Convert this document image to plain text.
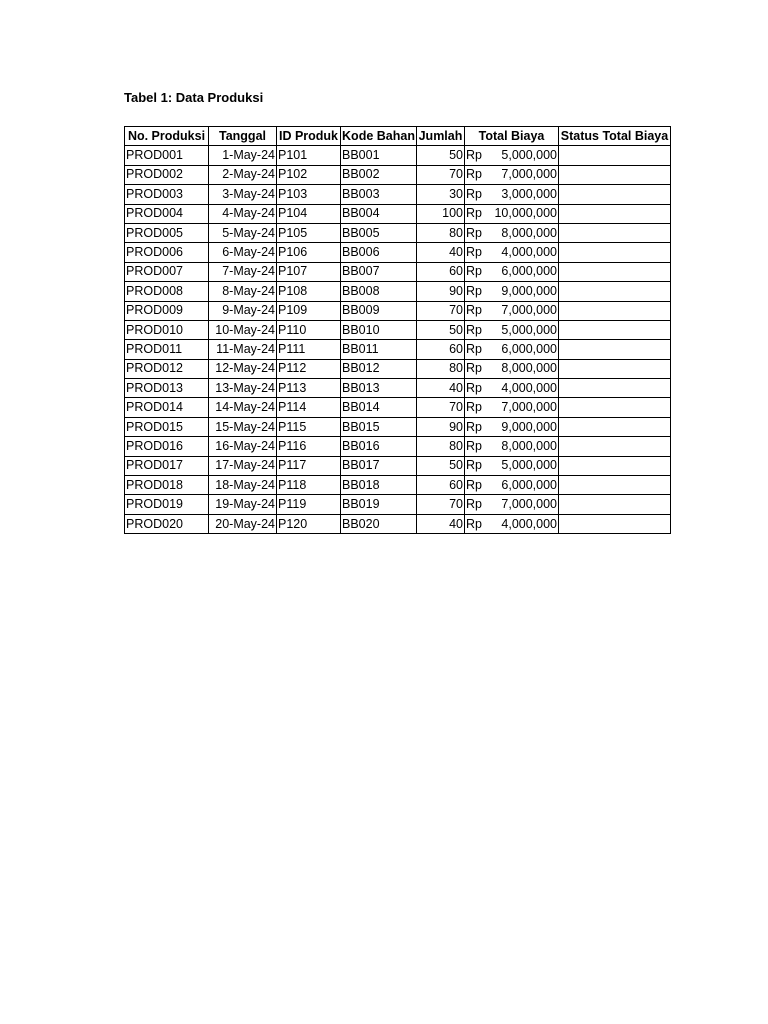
Tabel 1: Data Produksi
No. Produksi	Tanggal	ID Produk	Kode Bahan	Jumlah	Total Biaya	Status Total Biaya
PROD001	1-May-24	P101	BB001	50	Rp 5,000,000	

PROD002	2-May-24	P102	BB002	70	Rp 7,000,000	

PROD003	3-May-24	P103	BB003	30	Rp 3,000,000	

PROD004	4-May-24	P104	BB004	100	Rp 10,000,000	

PROD005	5-May-24	P105	BB005	80	Rp 8,000,000	

PROD006	6-May-24	P106	BB006	40	Rp 4,000,000	

PROD007	7-May-24	P107	BB007	60	Rp 6,000,000	

PROD008	8-May-24	P108	BB008	90	Rp 9,000,000	

PROD009	9-May-24	P109	BB009	70	Rp 7,000,000	

PROD010	10-May-24	P110	BB010	50	Rp 5,000,000	

PROD011	11-May-24	P111	BB011	60	Rp 6,000,000	

PROD012	12-May-24	P112	BB012	80	Rp 8,000,000	

PROD013	13-May-24	P113	BB013	40	Rp 4,000,000	

PROD014	14-May-24	P114	BB014	70	Rp 7,000,000	

PROD015	15-May-24	P115	BB015	90	Rp 9,000,000	

PROD016	16-May-24	P116	BB016	80	Rp 8,000,000	

PROD017	17-May-24	P117	BB017	50	Rp 5,000,000	

PROD018	18-May-24	P118	BB018	60	Rp 6,000,000	

PROD019	19-May-24	P119	BB019	70	Rp 7,000,000	

PROD020	20-May-24	P120	BB020	40	Rp 4,000,000	
